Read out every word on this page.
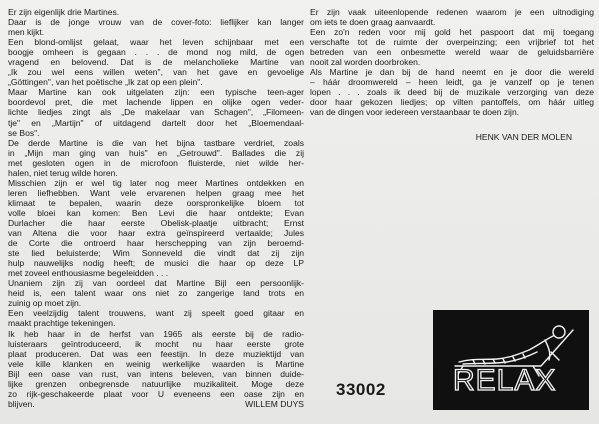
Er zijn eigenlijk drie Martines.

Daar is de jonge vrouw van de cover-foto: lieflijker kan langer

men kijkt.

Een blond-omlijst gelaat, waar het leven schijnbaar met een

boogje omheen is gegaan . . . de mond nog mild, de ogen

vragend en belovend. Dat is de melancholieke Martine van

„Ik zou wel eens willen weten", van het gave en gevoelige

„Göttingen", van het poëtische „Ik zat op een plein".

Maar Martine kan ook uitgelaten zijn: een typische teen-ager

boordevol pret, die met lachende lippen en olijke ogen veder-

lichte liedjes zingt als „De makelaar van Schagen", „Filomeen-

tje" en „Martijn" of uitdagend dartelt door het „Bloemendaal-

se Bos".

De derde Martine is die van het bijna tastbare verdriet, zoals

in „Mijn man ging van huis" en „Getrouwd". Ballades die zij

met gesloten ogen in de microfoon fluisterde, niet wilde her-

halen, niet terug wilde horen.

Misschien zijn er wel tig later nog meer Martines ontdekken en

leren liefhebben. Want vele ervarenen helpen graag mee het

klimaat te bepalen, waarin deze oorspronkelijke bloem tot

volle bloei kan komen: Ben Levi die haar ontdekte; Evan

Durlacher die haar eerste Obelisk-plaatje uitbracht; Ernst

van Altena die voor haar extra geïnspireerd vertaalde; Jules

de Corte die ontroerd haar herschepping van zijn beroemd-

ste lied beluisterde; Wim Sonneveld die vindt dat zij zijn

hulp nauwelijks nodig heeft; de musici die haar op deze LP

met zoveel enthousiasme begeleidden . . .

Unaniem zijn zij van oordeel dat Martine Bijl een persoonlijk-

heid is, een talent waar ons niet zo zangerige land trots en

zuinig op moet zijn.

Een veelzijdig talent trouwens, want zij speelt goed gitaar en

maakt prachtige tekeningen.

Ik heb haar in de herfst van 1965 als eerste bij de radio-

luisteraars geïntroduceerd, ik mocht nu haar eerste grote

plaat produceren. Dat was een feestijn. In deze muziektijd van

vele kille klanken en weinig werkelijke waarden is Martine

Bijl een oase van rust, van intens beleven, van binnen duide-

lijke grenzen onbegrensde natuurlijke muzikaliteit. Moge deze

zo rijk-geschakeerde plaat voor U eveneens een oase zijn en

blijven.	WILLEM DUYS

Er zijn vaak uiteenlopende redenen waarom je een uitnodiging

om iets te doen graag aanvaardt.

Een zo'n reden voor mij gold het paspoort dat mij toegang

verschafte tot de ruimte der overpeinzing; een vrijbrief tot het

betreden van een onbesmette wereld waar de geluidsbarrière

nooit zal worden doorbroken.

Als Martine je dan bij de hand neemt en je door die wereld

– háár droomwereld – heen leidt, ga je vanzelf op je tenen

lopen . . . zoals ik deed bij de muzikale verzorging van deze

door haar gekozen liedjes; op vilten pantoffels, om háár uitleg

van de dingen voor iedereen verstaanbaar te doen zijn.

HENK VAN DER MOLEN

33002 RELAX
